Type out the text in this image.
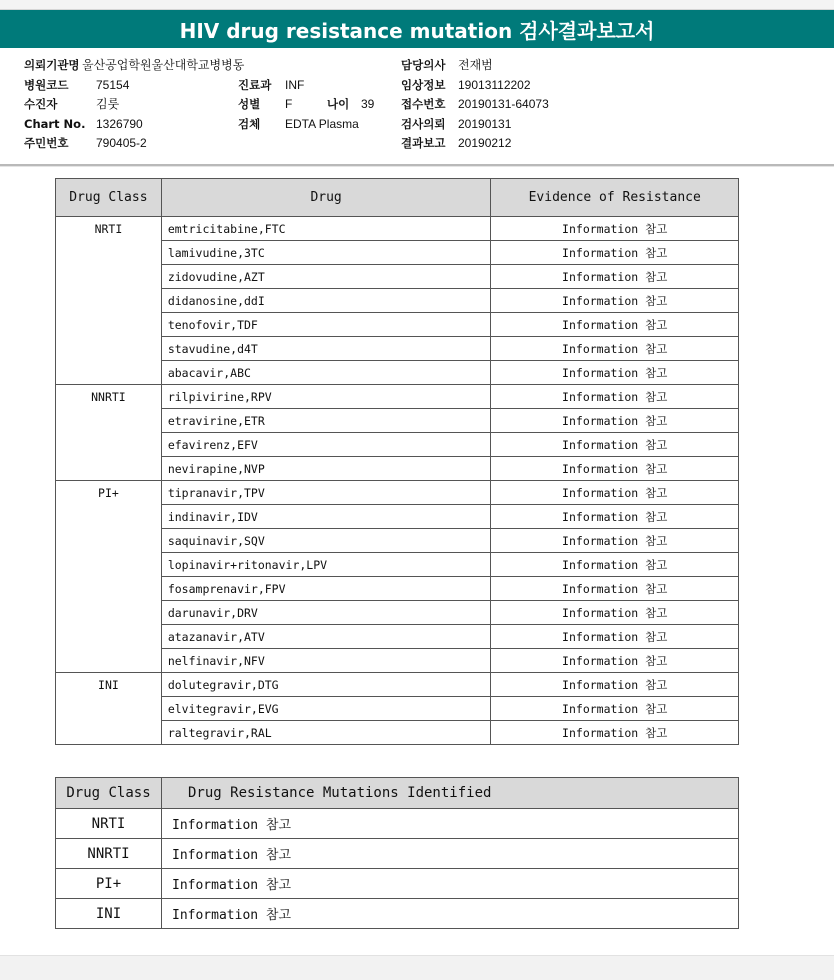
HIV drug resistance mutation 검사결과보고서
의뢰기관명 울산공업학원울산대학교병병동
병원코드	75154
수진자	김룻
Chart No. 1326790
주민번호	790405-2
진료과	INF
성별	F	나이 39
검체	EDTA Plasma
담당의사	전재범
임상정보	19013112202
접수번호	20190131-64073
검사의뢰	20190131
결과보고	20190212
Drug Class	Drug	Evidence of Resistance
NRTI	emtricitabine,FTC	Information 참고
	lamivudine,3TC	Information 참고
	zidovudine,AZT	Information 참고
	didanosine,ddI	Information 참고
	tenofovir,TDF	Information 참고
	stavudine,d4T	Information 참고
	abacavir,ABC	Information 참고
NNRTI	rilpivirine,RPV	Information 참고
	etravirine,ETR	Information 참고
	efavirenz,EFV	Information 참고
	nevirapine,NVP	Information 참고
PI+	tipranavir,TPV	Information 참고
	indinavir,IDV	Information 참고
	saquinavir,SQV	Information 참고
	lopinavir+ritonavir,LPV	Information 참고
	fosamprenavir,FPV	Information 참고
	darunavir,DRV	Information 참고
	atazanavir,ATV	Information 참고
	nelfinavir,NFV	Information 참고
INI	dolutegravir,DTG	Information 참고
	elvitegravir,EVG	Information 참고
	raltegravir,RAL	Information 참고
Drug Class	Drug Resistance Mutations Identified
NRTI	Information 참고
NNRTI	Information 참고
PI+	Information 참고
INI	Information 참고
